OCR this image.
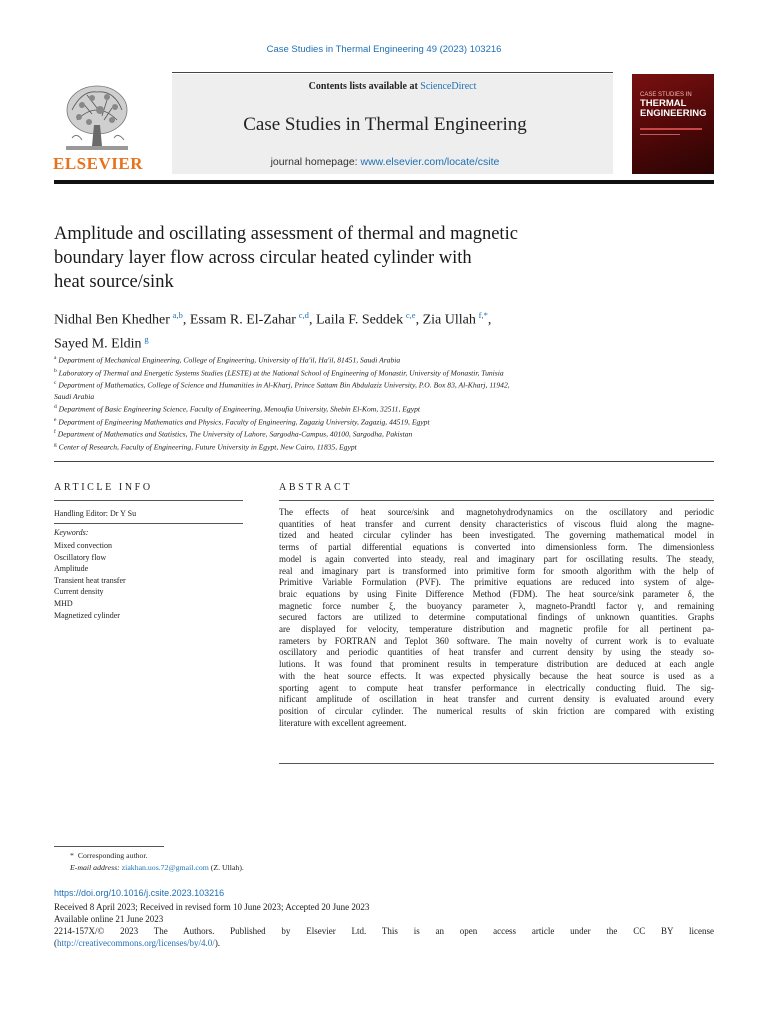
Case Studies in Thermal Engineering 49 (2023) 103216
Contents lists available at ScienceDirect
Case Studies in Thermal Engineering
journal homepage: www.elsevier.com/locate/csite
ELSEVIER
CASE STUDIES IN
THERMAL
ENGINEERING
Amplitude and oscillating assessment of thermal and magnetic
boundary layer flow across circular heated cylinder with
heat source/sink
Nidhal Ben Khedher  $^{a,b}$, Essam R. El-Zahar  $^{c,d}$, Laila F. Seddek  $^{c,e}$, Zia Ullah  $^{f,*}$,
Sayed M. Eldin  $^g$
$^a$ Department of Mechanical Engineering, College of Engineering, University of Ha'il, Ha'il, 81451, Saudi Arabia
$^b$ Laboratory of Thermal and Energetic Systems Studies (LESTE) at the National School of Engineering of Monastir, University of Monastir, Tunisia
$^c$ Department of Mathematics, College of Science and Humanities in Al-Kharj, Prince Sattam Bin Abdulaziz University, P.O. Box 83, Al-Kharj, 11942,
Saudi Arabia
$^d$ Department of Basic Engineering Science, Faculty of Engineering, Menoufia University, Shebin El-Kom, 32511, Egypt
$^e$ Department of Engineering Mathematics and Physics, Faculty of Engineering, Zagazig University, Zagazig, 44519, Egypt
$^f$ Department of Mathematics and Statistics, The University of Lahore, Sargodha-Campus, 40100, Sargodha, Pakistan
$^g$ Center of Research, Faculty of Engineering, Future University in Egypt, New Cairo, 11835, Egypt
ARTICLE INFO
Handling Editor: Dr Y Su
Keywords:
Mixed convection
Oscillatory flow
Amplitude
Transient heat transfer
Current density
MHD
Magnetized cylinder
ABSTRACT
The effects of heat source/sink and magnetohydrodynamics on the oscillatory and periodic
quantities of heat transfer and current density characteristics of viscous fluid along the magne-
tized and heated circular cylinder has been investigated. The governing mathematical model in
terms of partial differential equations is converted into dimensionless form. The dimensionless
model is again converted into steady, real and imaginary part for oscillating results. The steady,
real and imaginary part is transformed into primitive form for smooth algorithm with the help of
Primitive Variable Formulation (PVF). The primitive equations are reduced into system of alge-
braic equations by using Finite Difference Method (FDM). The heat source/sink parameter δ, the
magnetic force number ξ, the buoyancy parameter λ, magneto-Prandtl factor γ, and remaining
secured factors are utilized to determine computational findings of unknown quantities. Graphs
are displayed for velocity, temperature distribution and magnetic profile for all pertinent pa-
rameters by FORTRAN and Teplot 360 software. The main novelty of current work is to evaluate
oscillatory and periodic quantities of heat transfer and current density by using the steady so-
lutions. It was found that prominent results in temperature distribution are deduced at each angle
with the heat source effects. It was expected physically because the heat source is used as a
sporting agent to compute heat transfer performance in electrically conducting fluid. The sig-
nificant amplitude of oscillation in heat transfer and current density is evaluated around every
position of circular cylinder. The numerical results of skin friction are compared with existing
literature with excellent agreement.
* Corresponding author.
E-mail address: ziakhan.uos.72@gmail.com (Z. Ullah).
https://doi.org/10.1016/j.csite.2023.103216
Received 8 April 2023; Received in revised form 10 June 2023; Accepted 20 June 2023
Available online 21 June 2023
2214-157X/© 2023 The Authors. Published by Elsevier Ltd. This is an open access article under the CC BY license
(http://creativecommons.org/licenses/by/4.0/).
